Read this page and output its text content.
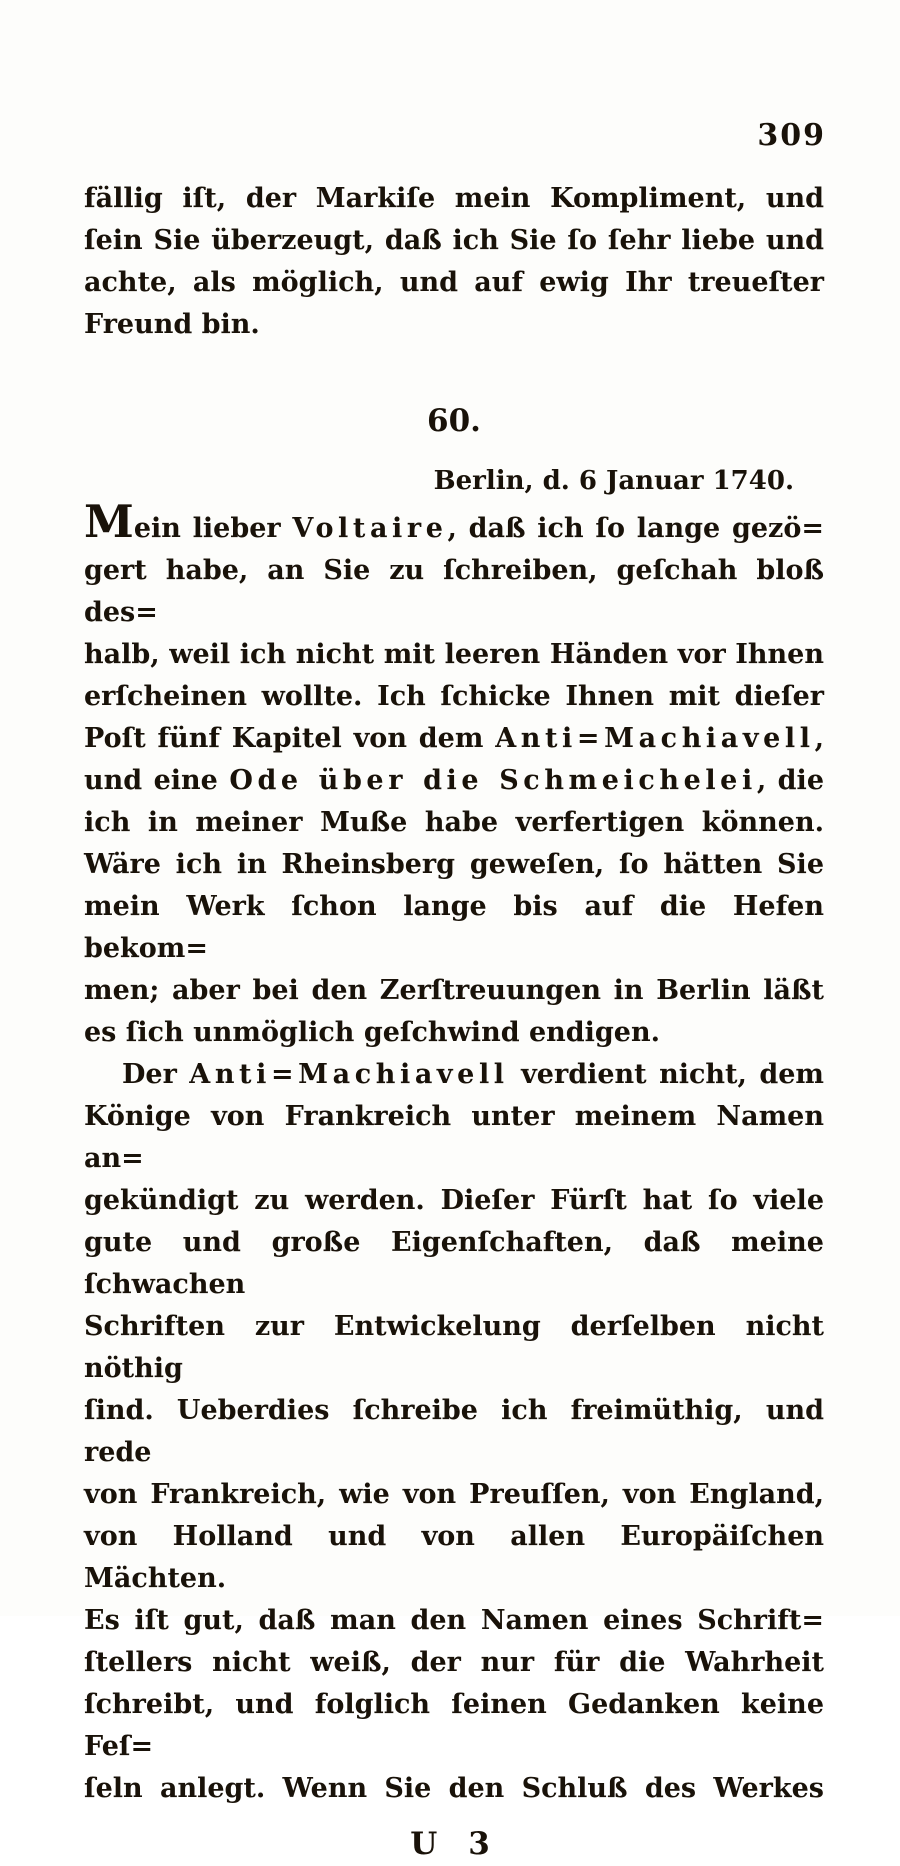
309
fällig iſt, der Markiſe mein Kompliment, und
ſein Sie überzeugt, daß ich Sie ſo ſehr liebe und
achte, als möglich, und auf ewig Ihr treueſter
Freund bin.
60.
Berlin, d. 6 Januar 1740.
Mein lieber Voltaire, daß ich ſo lange gezö=
gert habe, an Sie zu ſchreiben, geſchah bloß des=
halb, weil ich nicht mit leeren Händen vor Ihnen
erſcheinen wollte. Ich ſchicke Ihnen mit dieſer
Poſt fünf Kapitel von dem Anti=Machiavell,
und eine Ode über die Schmeichelei, die
ich in meiner Muße habe verfertigen können.
Wäre ich in Rheinsberg geweſen, ſo hätten Sie
mein Werk ſchon lange bis auf die Hefen bekom=
men; aber bei den Zerſtreuungen in Berlin läßt
es ſich unmöglich geſchwind endigen.
Der Anti=Machiavell verdient nicht, dem
Könige von Frankreich unter meinem Namen an=
gekündigt zu werden. Dieſer Fürſt hat ſo viele
gute und große Eigenſchaften, daß meine ſchwachen
Schriften zur Entwickelung derſelben nicht nöthig
ſind. Ueberdies ſchreibe ich freimüthig, und rede
von Frankreich, wie von Preuſſen, von England,
von Holland und von allen Europäiſchen Mächten.
Es iſt gut, daß man den Namen eines Schrift=
ſtellers nicht weiß, der nur für die Wahrheit
ſchreibt, und folglich ſeinen Gedanken keine Feſ=
ſeln anlegt. Wenn Sie den Schluß des Werkes
U 3
